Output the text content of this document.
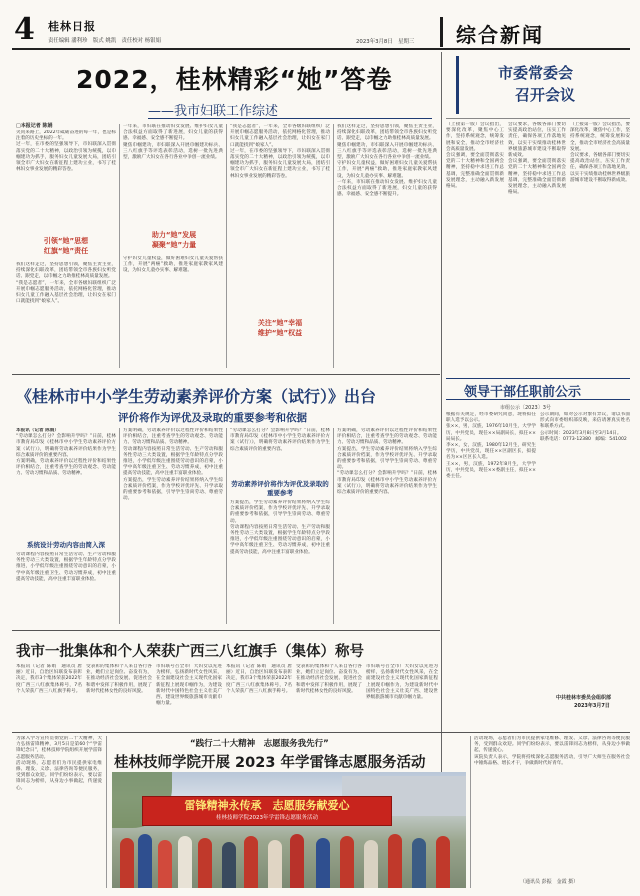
4 桂林日报
责任编辑 潘利珍　版式 姚凯　责任校对 杨银娟	2023年3月8日　星期三 综合新闻
2022，桂林精彩“她”答卷
——我市妇联工作综述
□本报记者 陈娟

笑问来路上，2022年砥砺奋进的每一年，也是标注着的历史坐标的一年。

过一年，在市委的坚强领导下，市妇联深入贯彻落实党的二十大精神，以政治引领为统揽，以巾帼建功为抓手，服务妇女儿童发展大局，团结引领全市广大妇女在新征程上建功立业，书写了桂林妇女事业发展的精彩答卷。

引领“她”思想
红旗“她”责任

我们这样走过，坚持思想引领，聚焦主责主业，持续深化妇联改革，团结带领全市各族妇女听党话、跟党走，以巾帼之力助推桂林高质量发展。

“我是志愿者”，一年来，全市各级妇联组织广泛开展巾帼志愿服务活动，依托网格化管理，推动妇女儿童工作融入基层社会治理，让妇女在家门口就能找到“娘家人”。

一年来，市妇联在推动妇女发展、维护妇女儿童合法权益方面取得了新进展，妇女儿童的获得感、幸福感、安全感不断提升。

聚焦巾帼建功，市妇联深入开展巾帼建功标兵、三八红旗手等评选表彰活动，选树一批先进典型，激励广大妇女在各行各业中争创一流业绩。

助力“她”发展
凝聚“她”力量

守护妇女儿童权益，做好困难妇女儿童关爱帮扶工作，开展“两癌”救助，推进家庭家教家风建设，为妇女儿童办实事、解难题。

“我是志愿者”，一年来，全市各级妇联组织广泛开展巾帼志愿服务活动，依托网格化管理，推动妇女儿童工作融入基层社会治理，让妇女在家门口就能找到“娘家人”。

过一年，在市委的坚强领导下，市妇联深入贯彻落实党的二十大精神，以政治引领为统揽，以巾帼建功为抓手，服务妇女儿童发展大局，团结引领全市广大妇女在新征程上建功立业，书写了桂林妇女事业发展的精彩答卷。

关注“她”幸福
维护“她”权益

我们这样走过，坚持思想引领，聚焦主责主业，持续深化妇联改革，团结带领全市各族妇女听党话、跟党走，以巾帼之力助推桂林高质量发展。

聚焦巾帼建功，市妇联深入开展巾帼建功标兵、三八红旗手等评选表彰活动，选树一批先进典型，激励广大妇女在各行各业中争创一流业绩。

守护妇女儿童权益，做好困难妇女儿童关爱帮扶工作，开展“两癌”救助，推进家庭家教家风建设，为妇女儿童办实事、解难题。

一年来，市妇联在推动妇女发展、维护妇女儿童合法权益方面取得了新进展，妇女儿童的获得感、幸福感、安全感不断提升。

市委常委会
召开会议

（上接第一版）会议指出，要深化改革，聚焦中心工作，坚持系统观念，统筹发展和安全，推动全市经济社会高质量发展。

会议强调，要全面贯彻落实党的二十大精神和全国两会精神，坚持稳中求进工作总基调，完整准确全面贯彻新发展理念，主动融入新发展格局。

会议要求，各级各部门要切实提高政治站位，压实工作责任，确保各项工作落地见效，以实干实绩推动桂林世界级旅游城市建设不断取得新成效。

会议强调，要全面贯彻落实党的二十大精神和全国两会精神，坚持稳中求进工作总基调，完整准确全面贯彻新发展理念，主动融入新发展格局。

（上接第一版）会议指出，要深化改革，聚焦中心工作，坚持系统观念，统筹发展和安全，推动全市经济社会高质量发展。

会议要求，各级各部门要切实提高政治站位，压实工作责任，确保各项工作落地见效，以实干实绩推动桂林世界级旅游城市建设不断取得新成效。

领导干部任职前公示
市组公示〔2023〕3号

根据有关规定，经市委研究同意，现将拟任职人选予以公示。

张××，男，汉族，1976年10月生，大学学历，中共党员，现任××局副局长，拟任××局局长。

李××，女，汉族，1980年12月生，研究生学历，中共党员，现任××区副区长，拟提名为××区区长人选。

王××，男，汉族，1972年8月生，大学学历，中共党员，现任××委副主任，拟任××委主任。

公示期间，如对公示对象有异议，请以书面形式向市委组织部反映，来信请署真实姓名和联系方式。

公示时间：2023年3月8日至3月14日。

联系电话：0773-12380　邮编：541002

中共桂林市委员会组织部
2023年3月7日
《桂林市中小学生劳动素养评价方案（试行）》出台
评价将作为评优及录取的重要参考和依据

本报讯（记者 陈娟）

“劳动课怎么打分？会影响升学吗？”日前，桂林市教育局印发《桂林市中小学生劳动素养评价方案（试行）》，明确将劳动素养评价结果作为学生综合素质评价的重要内容。

方案明确，劳动素养评价以过程性评价和结果性评价相结合，注重考查学生的劳动观念、劳动能力、劳动习惯和品质、劳动精神。

系统设计劳动内容由简入深

劳动课程内容按照日常生活劳动、生产劳动和服务性劳动三大类设置，根据学生年龄特点分学段推进，小学低年级注重围绕劳动意识的启蒙，小学中高年级注重卫生、劳动习惯养成，初中注重提高劳动技能，高中注重丰富职业体验。

方案明确，劳动素养评价以过程性评价和结果性评价相结合，注重考查学生的劳动观念、劳动能力、劳动习惯和品质、劳动精神。

劳动课程内容按照日常生活劳动、生产劳动和服务性劳动三大类设置，根据学生年龄特点分学段推进，小学低年级注重围绕劳动意识的启蒙，小学中高年级注重卫生、劳动习惯养成，初中注重提高劳动技能，高中注重丰富职业体验。

方案提出，学生劳动素养评价结果将纳入学生综合素质评价档案，作为学校评优评先、升学录取的重要参考和依据，引导学生崇尚劳动、尊重劳动。

“劳动课怎么打分？会影响升学吗？”日前，桂林市教育局印发《桂林市中小学生劳动素养评价方案（试行）》，明确将劳动素养评价结果作为学生综合素质评价的重要内容。

劳动素养评价将作为评优及录取的重要参考

方案提出，学生劳动素养评价结果将纳入学生综合素质评价档案，作为学校评优评先、升学录取的重要参考和依据，引导学生崇尚劳动、尊重劳动。

劳动课程内容按照日常生活劳动、生产劳动和服务性劳动三大类设置，根据学生年龄特点分学段推进，小学低年级注重围绕劳动意识的启蒙，小学中高年级注重卫生、劳动习惯养成，初中注重提高劳动技能，高中注重丰富职业体验。

方案明确，劳动素养评价以过程性评价和结果性评价相结合，注重考查学生的劳动观念、劳动能力、劳动习惯和品质、劳动精神。

方案提出，学生劳动素养评价结果将纳入学生综合素质评价档案，作为学校评优评先、升学录取的重要参考和依据，引导学生崇尚劳动、尊重劳动。

“劳动课怎么打分？会影响升学吗？”日前，桂林市教育局印发《桂林市中小学生劳动素养评价方案（试行）》，明确将劳动素养评价结果作为学生综合素质评价的重要内容。

我市一批集体和个人荣获广西三八红旗手（集体）称号

本报讯（记者 陈娟　通讯员 唐丽）近日，自治区妇联发布表彰决定，我市3个集体荣获2022年度广西三八红旗集体称号，7名个人荣获广西三八红旗手称号。

受表彰的集体和个人来自各行各业，她们立足岗位、奋发有为，在推动经济社会发展、促进社会和谐中发挥了积极作用，展现了新时代桂林女性的良好风貌。

市妇联号召全市广大妇女以先进为榜样，弘扬新时代女性风采，在全面建设社会主义现代化国家新征程上展现巾帼作为，为建设新时代中国特色社会主义壮美广西、建设世界级旅游城市贡献巾帼力量。

本报讯（记者 陈娟　通讯员 唐丽）近日，自治区妇联发布表彰决定，我市3个集体荣获2022年度广西三八红旗集体称号，7名个人荣获广西三八红旗手称号。

受表彰的集体和个人来自各行各业，她们立足岗位、奋发有为，在推动经济社会发展、促进社会和谐中发挥了积极作用，展现了新时代桂林女性的良好风貌。

市妇联号召全市广大妇女以先进为榜样，弘扬新时代女性风采，在全面建设社会主义现代化国家新征程上展现巾帼作为，为建设新时代中国特色社会主义壮美广西、建设世界级旅游城市贡献巾帼力量。

为深入学习宣传贯彻党的二十大精神，大力弘扬雷锋精神，3月5日是第60个“学雷锋纪念日”，桂林技师学院组织开展学雷锋志愿服务活动。

活动现场，志愿者们为市民提供家电维修、理发、义诊、法律咨询等便民服务，受到群众欢迎。同学们纷纷表示，要以雷锋同志为榜样，从身边小事做起，传递爱心。

“践行二十大精神　志愿服务我先行”
桂林技师学院开展 2023 年学雷锋志愿服务活动
雷锋精神永传承　志愿服务献爱心
桂林技师学院2023年学雷锋志愿服务活动

活动现场，志愿者们为市民提供家电维修、理发、义诊、法律咨询等便民服务，受到群众欢迎。同学们纷纷表示，要以雷锋同志为榜样，从身边小事做起，传递爱心。

该院负责人表示，学院将持续深化志愿服务活动，引导广大师生在服务社会中锤炼品格、增长才干，争做新时代好青年。

（通讯员 彭振　金霞 摄）
